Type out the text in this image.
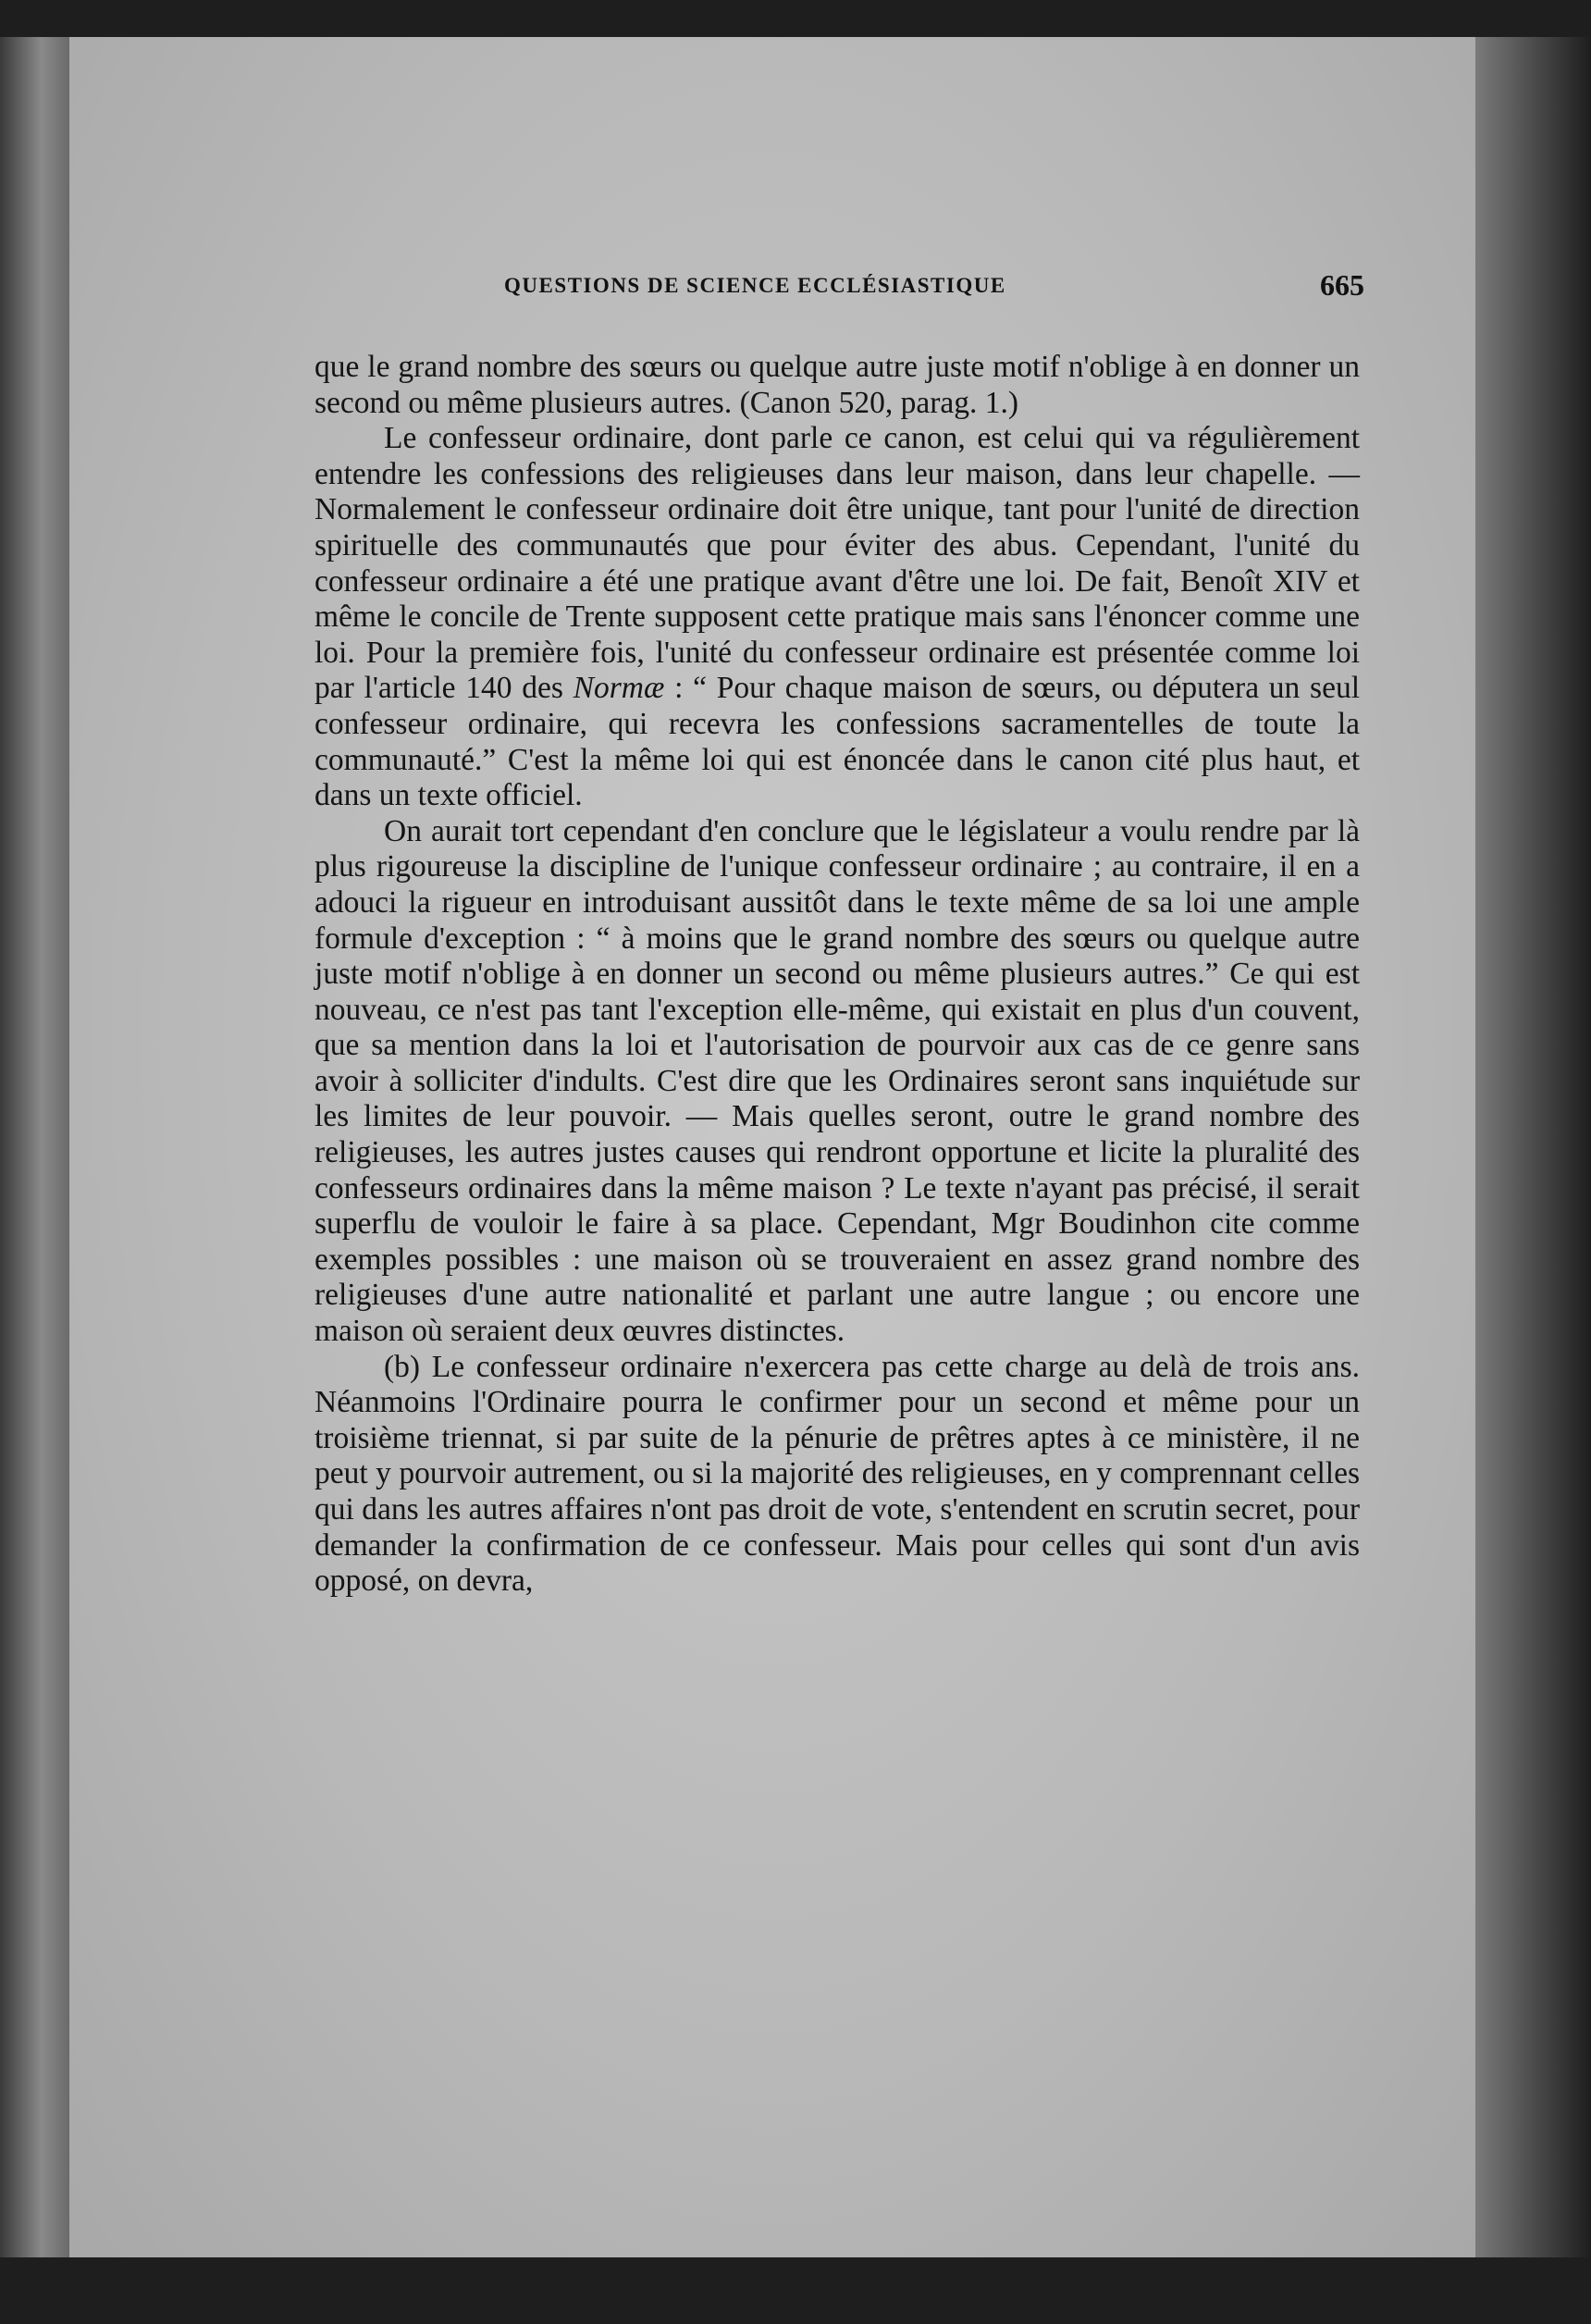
QUESTIONS DE SCIENCE ECCLÉSIASTIQUE	665

que le grand nombre des sœurs ou quelque autre juste motif n'oblige à en donner un second ou même plusieurs autres. (Canon 520, parag. 1.)

Le confesseur ordinaire, dont parle ce canon, est celui qui va régulièrement entendre les confessions des religieuses dans leur maison, dans leur chapelle. — Normalement le confesseur ordinaire doit être unique, tant pour l'unité de direction spirituelle des communautés que pour éviter des abus. Cependant, l'unité du confesseur ordinaire a été une pratique avant d'être une loi. De fait, Benoît XIV et même le concile de Trente supposent cette pratique mais sans l'énoncer comme une loi. Pour la première fois, l'unité du confesseur ordinaire est présentée comme loi par l'article 140 des Normæ : “ Pour chaque maison de sœurs, ou députera un seul confesseur ordinaire, qui recevra les confessions sacramentelles de toute la communauté.” C'est la même loi qui est énoncée dans le canon cité plus haut, et dans un texte officiel.

On aurait tort cependant d'en conclure que le législateur a voulu rendre par là plus rigoureuse la discipline de l'unique confesseur ordinaire ; au contraire, il en a adouci la rigueur en introduisant aussitôt dans le texte même de sa loi une ample formule d'exception : “ à moins que le grand nombre des sœurs ou quelque autre juste motif n'oblige à en donner un second ou même plusieurs autres.” Ce qui est nouveau, ce n'est pas tant l'exception elle-même, qui existait en plus d'un couvent, que sa mention dans la loi et l'autorisation de pourvoir aux cas de ce genre sans avoir à solliciter d'indults. C'est dire que les Ordinaires seront sans inquiétude sur les limites de leur pouvoir. — Mais quelles seront, outre le grand nombre des religieuses, les autres justes causes qui rendront opportune et licite la pluralité des confesseurs ordinaires dans la même maison ? Le texte n'ayant pas précisé, il serait superflu de vouloir le faire à sa place. Cependant, Mgr Boudinhon cite comme exemples possibles : une maison où se trouveraient en assez grand nombre des religieuses d'une autre nationalité et parlant une autre langue ; ou encore une maison où seraient deux œuvres distinctes.

(b) Le confesseur ordinaire n'exercera pas cette charge au delà de trois ans. Néanmoins l'Ordinaire pourra le confirmer pour un second et même pour un troisième triennat, si par suite de la pénurie de prêtres aptes à ce ministère, il ne peut y pourvoir autrement, ou si la majorité des religieuses, en y comprennant celles qui dans les autres affaires n'ont pas droit de vote, s'entendent en scrutin secret, pour demander la confirmation de ce confesseur. Mais pour celles qui sont d'un avis opposé, on devra,
